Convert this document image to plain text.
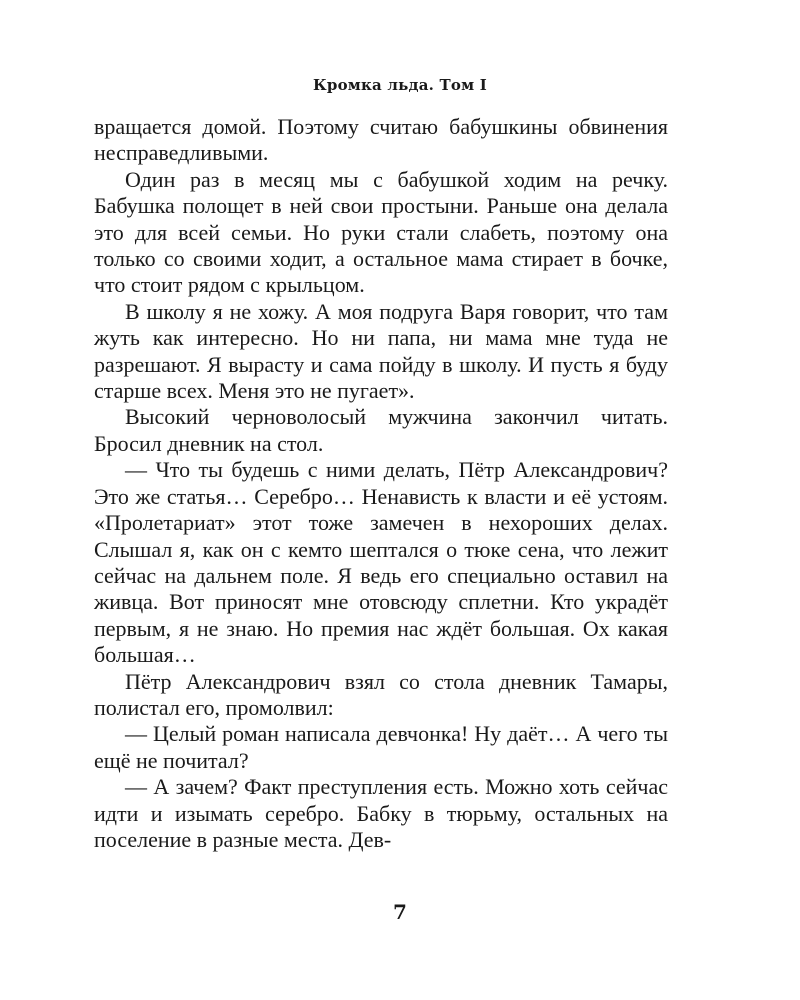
Кромка льда. Том I

вращается домой. Поэтому считаю бабушкины обвинения несправедливыми.

Один раз в месяц мы с бабушкой ходим на речку. Бабушка полощет в ней свои простыни. Раньше она делала это для всей семьи. Но руки стали слабеть, поэтому она только со своими ходит, а остальное мама стирает в бочке, что стоит рядом с крыльцом.

В школу я не хожу. А моя подруга Варя говорит, что там жуть как интересно. Но ни папа, ни мама мне туда не разрешают. Я вырасту и сама пойду в школу. И пусть я буду старше всех. Меня это не пугает».

Высокий черноволосый мужчина закончил читать. Бросил дневник на стол.

— Что ты будешь с ними делать, Пётр Александрович? Это же статья… Серебро… Ненависть к власти и её устоям. «Пролетариат» этот тоже замечен в нехороших делах. Слышал я, как он с кемто шептался о тюке сена, что лежит сейчас на дальнем поле. Я ведь его специально оставил на живца. Вот приносят мне отовсюду сплетни. Кто украдёт первым, я не знаю. Но премия нас ждёт большая. Ох какая большая…

Пётр Александрович взял со стола дневник Тамары, полистал его, промолвил:

— Целый роман написала девчонка! Ну даёт… А чего ты ещё не почитал?

— А зачем? Факт преступления есть. Можно хоть сейчас идти и изымать серебро. Бабку в тюрьму, остальных на поселение в разные места. Дев-

7
